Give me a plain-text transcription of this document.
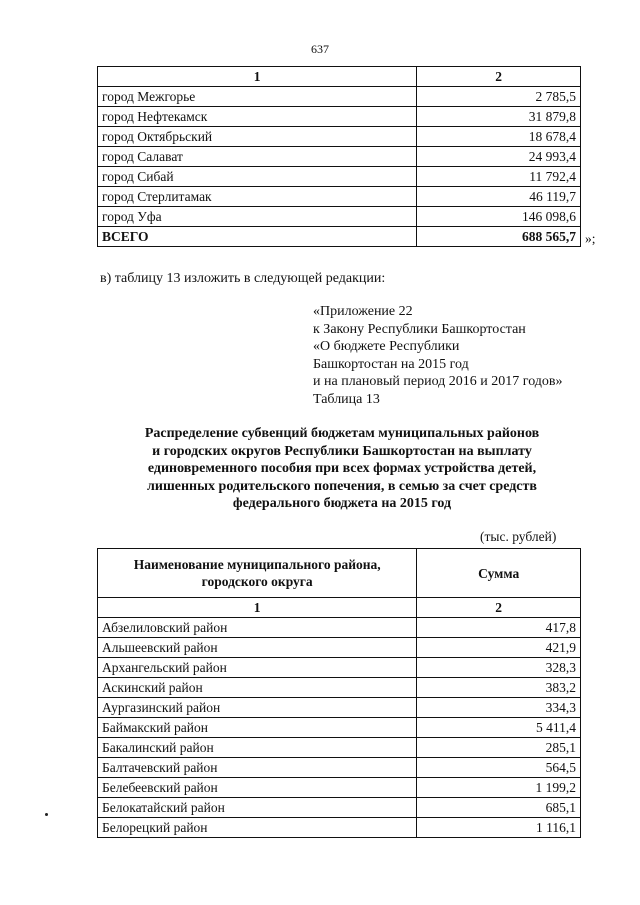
637
1	2
город Межгорье	2 785,5
город Нефтекамск	31 879,8
город Октябрьский	18 678,4
город Салават	24 993,4
город Сибай	11 792,4
город Стерлитамак	46 119,7
город Уфа	146 098,6
ВСЕГО	688 565,7 »;
в) таблицу 13 изложить в следующей редакции:
«Приложение 22
к Закону Республики Башкортостан
«О бюджете Республики
Башкортостан на 2015 год
и на плановый период 2016 и 2017 годов»
Таблица 13
Распределение субвенций бюджетам муниципальных районов
и городских округов Республики Башкортостан на выплату
единовременного пособия при всех формах устройства детей,
лишенных родительского попечения, в семью за счет средств
федерального бюджета на 2015 год
(тыс. рублей)
Наименование муниципального района,
городского округа	Сумма
1	2
Абзелиловский район	417,8
Альшеевский район	421,9
Архангельский район	328,3
Аскинский район	383,2
Аургазинский район	334,3
Баймакский район	5 411,4
Бакалинский район	285,1
Балтачевский район	564,5
Белебеевский район	1 199,2
Белокатайский район	685,1
Белорецкий район	1 116,1
